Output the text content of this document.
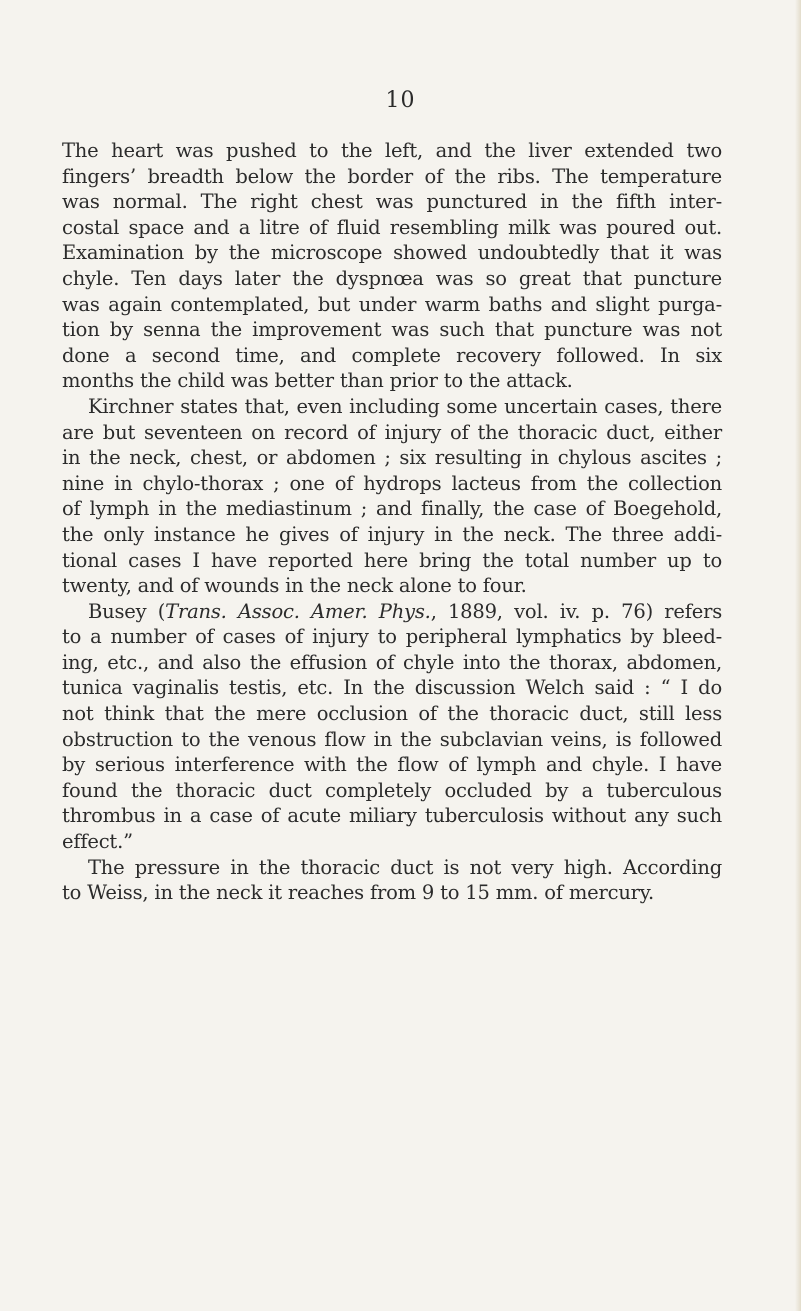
10
The heart was pushed to the left, and the liver extended two
fingers’ breadth below the border of the ribs. The temperature
was normal. The right chest was punctured in the fifth inter-
costal space and a litre of fluid resembling milk was poured out.
Examination by the microscope showed undoubtedly that it was
chyle. Ten days later the dyspnœa was so great that puncture
was again contemplated, but under warm baths and slight purga-
tion by senna the improvement was such that puncture was not
done a second time, and complete recovery followed. In six
months the child was better than prior to the attack.
Kirchner states that, even including some uncertain cases, there
are but seventeen on record of injury of the thoracic duct, either
in the neck, chest, or abdomen ; six resulting in chylous ascites ;
nine in chylo-thorax ; one of hydrops lacteus from the collection
of lymph in the mediastinum ; and finally, the case of Boegehold,
the only instance he gives of injury in the neck. The three addi-
tional cases I have reported here bring the total number up to
twenty, and of wounds in the neck alone to four.
Busey (Trans. Assoc. Amer. Phys., 1889, vol. iv. p. 76) refers
to a number of cases of injury to peripheral lymphatics by bleed-
ing, etc., and also the effusion of chyle into the thorax, abdomen,
tunica vaginalis testis, etc. In the discussion Welch said : “ I do
not think that the mere occlusion of the thoracic duct, still less
obstruction to the venous flow in the subclavian veins, is followed
by serious interference with the flow of lymph and chyle. I have
found the thoracic duct completely occluded by a tuberculous
thrombus in a case of acute miliary tuberculosis without any such
effect.”
The pressure in the thoracic duct is not very high. According
to Weiss, in the neck it reaches from 9 to 15 mm. of mercury.
